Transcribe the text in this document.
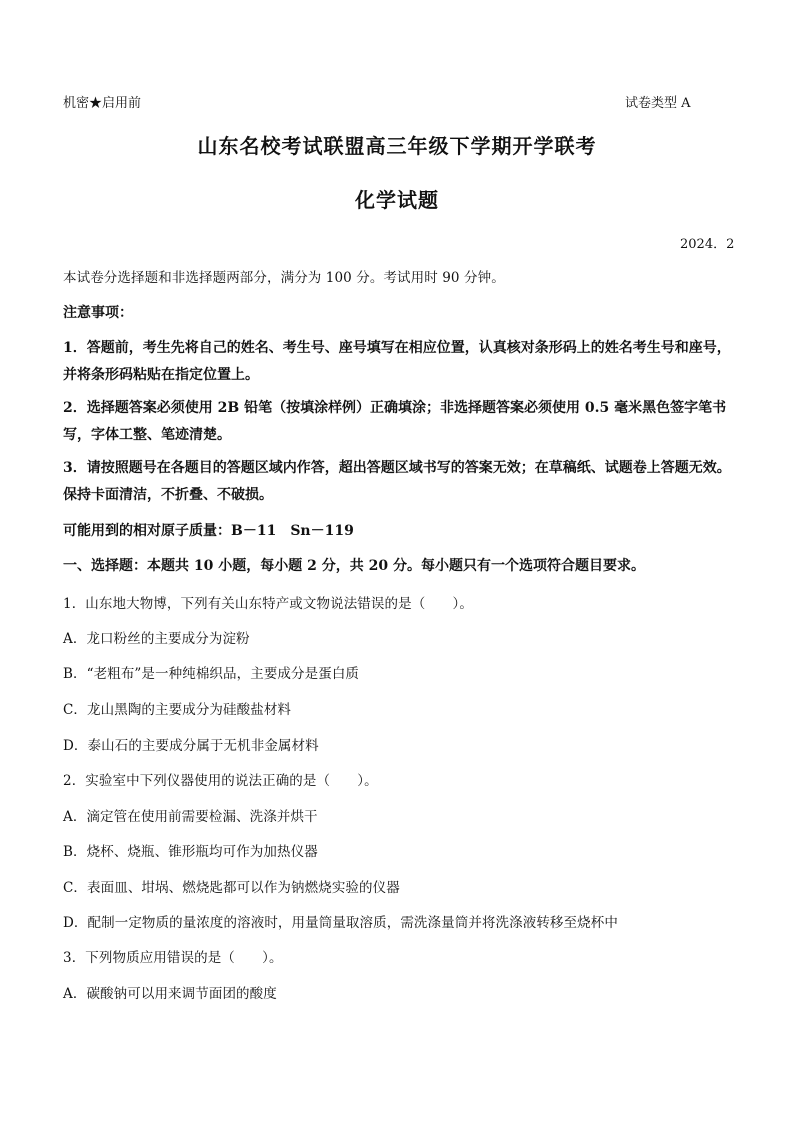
机密★启用前	试卷类型 A
山东名校考试联盟高三年级下学期开学联考
化学试题
2024．2
本试卷分选择题和非选择题两部分，满分为 100 分。考试用时 90 分钟。
注意事项：
1．答题前，考生先将自己的姓名、考生号、座号填写在相应位置，认真核对条形码上的姓名考生号和座号，并将条形码粘贴在指定位置上。
2．选择题答案必须使用 2B 铅笔（按填涂样例）正确填涂；非选择题答案必须使用 0.5 毫米黑色签字笔书写，字体工整、笔迹清楚。
3．请按照题号在各题目的答题区域内作答，超出答题区域书写的答案无效；在草稿纸、试题卷上答题无效。保持卡面清洁，不折叠、不破损。
可能用到的相对原子质量：B－11　Sn－119
一、选择题：本题共 10 小题，每小题 2 分，共 20 分。每小题只有一个选项符合题目要求。
1．山东地大物博，下列有关山东特产或文物说法错误的是（　　）。
A．龙口粉丝的主要成分为淀粉
B．“老粗布”是一种纯棉织品，主要成分是蛋白质
C．龙山黑陶的主要成分为硅酸盐材料
D．泰山石的主要成分属于无机非金属材料
2．实验室中下列仪器使用的说法正确的是（　　）。
A．滴定管在使用前需要检漏、洗涤并烘干
B．烧杯、烧瓶、锥形瓶均可作为加热仪器
C．表面皿、坩埚、燃烧匙都可以作为钠燃烧实验的仪器
D．配制一定物质的量浓度的溶液时，用量筒量取溶质，需洗涤量筒并将洗涤液转移至烧杯中
3．下列物质应用错误的是（　　）。
A．碳酸钠可以用来调节面团的酸度
